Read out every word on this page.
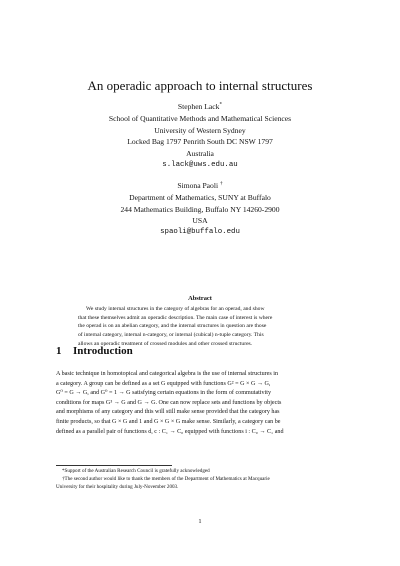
An operadic approach to internal structures
Stephen Lack*
School of Quantitative Methods and Mathematical Sciences
University of Western Sydney
Locked Bag 1797 Penrith South DC NSW 1797
Australia
s.lack@uws.edu.au
Simona Paoli †
Department of Mathematics, SUNY at Buffalo
244 Mathematics Building, Buffalo NY 14260-2900
USA
spaoli@buffalo.edu
Abstract
We study internal structures in the category of algebras for an operad, and show
that these themselves admit an operadic description. The main case of interest is where
the operad is on an abelian category, and the internal structures in question are those
of internal category, internal n-category, or internal (cubical) n-tuple category. This
allows an operadic treatment of crossed modules and other crossed structures.
1 Introduction
A basic technique in homotopical and categorical algebra is the use of internal structures in
a category. A group can be defined as a set G equipped with functions G² = G × G → G,
G⁰ = G → G, and G⁰ = 1 → G satisfying certain equations in the form of commutativity
conditions for maps G³ → G and G → G. One can now replace sets and functions by objects
and morphisms of any category and this will still make sense provided that the category has
finite products, so that G × G and 1 and G × G × G make sense. Similarly, a category can be
defined as a parallel pair of functions d, c : C₁ → C₀ equipped with functions i : C₀ → C₁ and
*Support of the Australian Research Council is gratefully acknowledged
†The second author would like to thank the members of the Department of Mathematics at Macquarie
University for their hospitality during July-November 2003.
1
